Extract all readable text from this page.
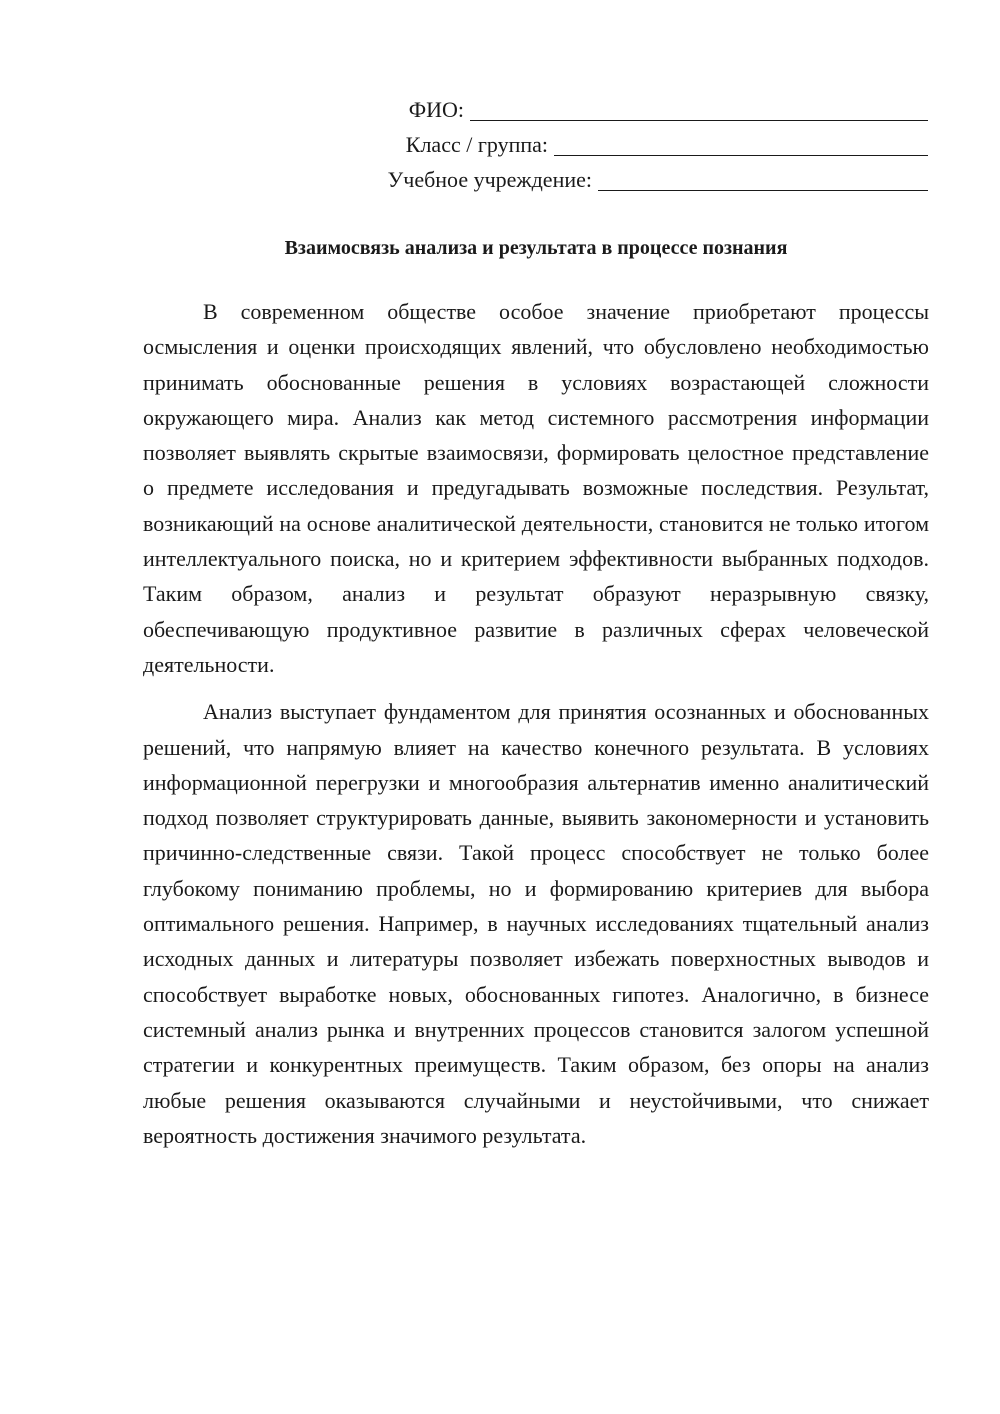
ФИО:
Класс / группа:
Учебное учреждение:
Взаимосвязь анализа и результата в процессе познания

В современном обществе особое значение приобретают процессы осмысления и оценки происходящих явлений, что обусловлено необходимостью принимать обоснованные решения в условиях возрастающей сложности окружающего мира. Анализ как метод системного рассмотрения информации позволяет выявлять скрытые взаимосвязи, формировать целостное представление о предмете исследования и предугадывать возможные последствия. Результат, возникающий на основе аналитической деятельности, становится не только итогом интеллектуального поиска, но и критерием эффективности выбранных подходов. Таким образом, анализ и результат образуют неразрывную связку, обеспечивающую продуктивное развитие в различных сферах человеческой деятельности.

Анализ выступает фундаментом для принятия осознанных и обоснованных решений, что напрямую влияет на качество конечного результата. В условиях информационной перегрузки и многообразия альтернатив именно аналитический подход позволяет структурировать данные, выявить закономерности и установить причинно-следственные связи. Такой процесс способствует не только более глубокому пониманию проблемы, но и формированию критериев для выбора оптимального решения. Например, в научных исследованиях тщательный анализ исходных данных и литературы позволяет избежать поверхностных выводов и способствует выработке новых, обоснованных гипотез. Аналогично, в бизнесе системный анализ рынка и внутренних процессов становится залогом успешной стратегии и конкурентных преимуществ. Таким образом, без опоры на анализ любые решения оказываются случайными и неустойчивыми, что снижает вероятность достижения значимого результата.
